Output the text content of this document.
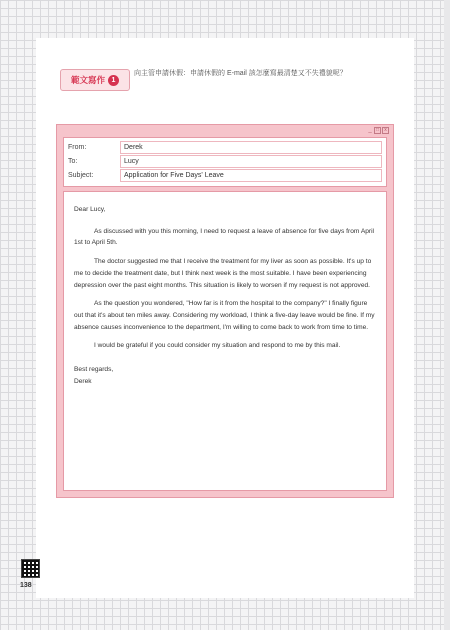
範文寫作 1
向主管申請休假：申請休假的 E-mail 該怎麼寫最清楚又不失禮貌呢？
_ □	x
From:	Derek
To:	Lucy
Subject:	Application for Five Days' Leave

Dear Lucy,

As discussed with you this morning, I need to request a leave of absence for five days from April 1st to April 5th.

The doctor suggested me that I receive the treatment for my liver as soon as possible. It's up to me to decide the treatment date, but I think next week is the most suitable. I have been experiencing depression over the past eight months. This situation is likely to worsen if my request is not approved.

As the question you wondered, "How far is it from the hospital to the company?" I finally figure out that it's about ten miles away. Considering my workload, I think a five-day leave would be fine. If my absence causes inconvenience to the department, I'm willing to come back to work from time to time.

I would be grateful if you could consider my situation and respond to me by this mail.

Best regards,
Derek
138
